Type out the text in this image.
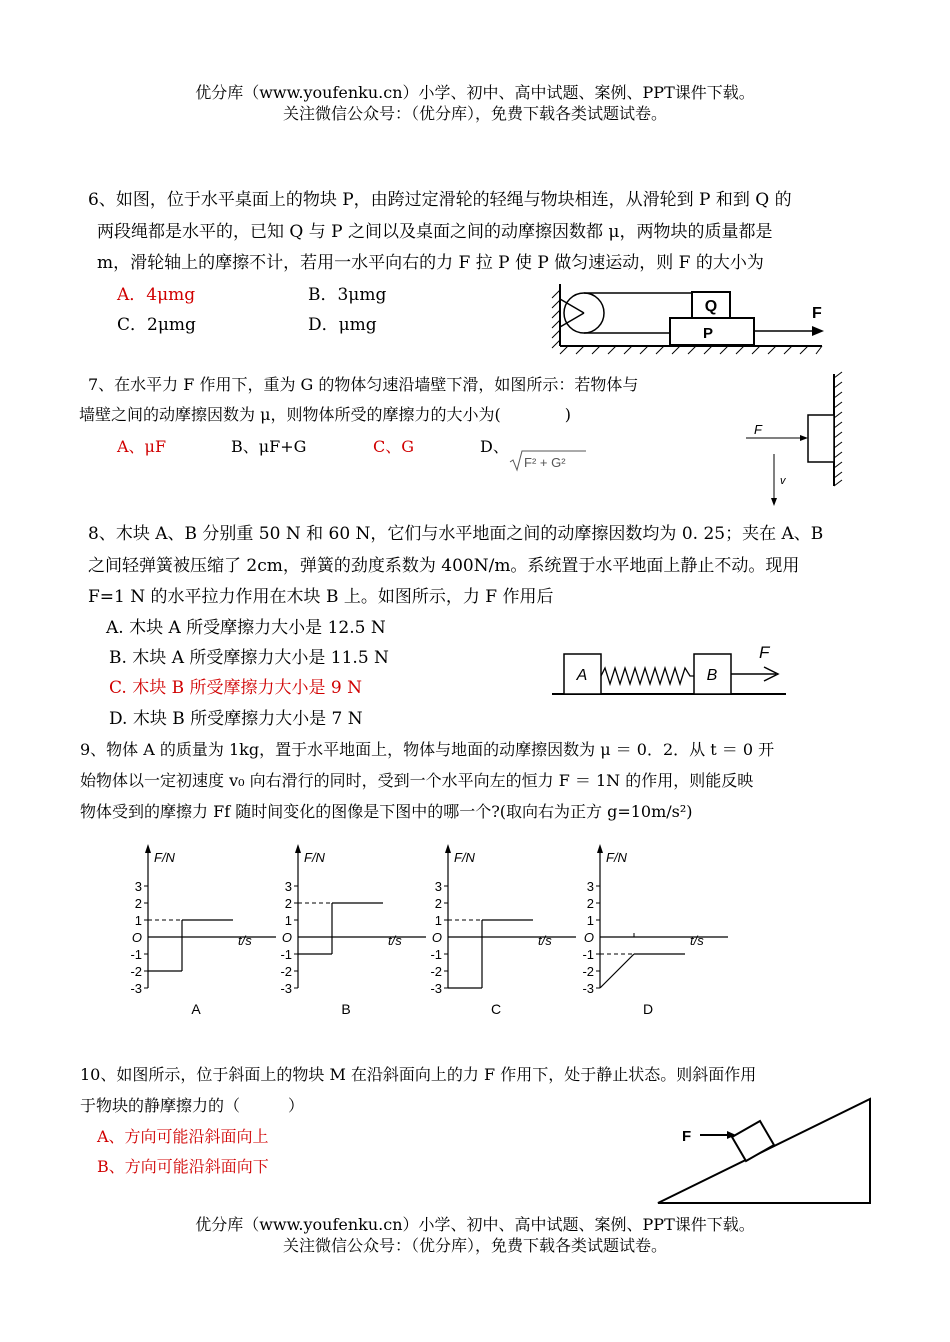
优分库（www.youfenku.cn）小学、初中、高中试题、案例、PPT课件下载。
关注微信公众号：（优分库），免费下载各类试题试卷。
6、如图，位于水平桌面上的物块 P，由跨过定滑轮的轻绳与物块相连，从滑轮到 P 和到 Q 的
两段绳都是水平的，已知 Q 与 P 之间以及桌面之间的动摩擦因数都 μ，两物块的质量都是
m，滑轮轴上的摩擦不计，若用一水平向右的力 F 拉 P 使 P 做匀速运动，则 F 的大小为
A．4μmg	B．3μmg
C．2μmg	D．μmg
Q
P
F
7、在水平力 F 作用下，重为 G 的物体匀速沿墙壁下滑，如图所示：若物体与
墙壁之间的动摩擦因数为 μ，则物体所受的摩擦力的大小为(　　　　)
A、μF	B、μF+G	C、G	D、
F² + G²
F
v
8、木块 A、B 分别重 50 N 和 60 N，它们与水平地面之间的动摩擦因数均为 0. 25；夹在 A、B
之间轻弹簧被压缩了 2cm，弹簧的劲度系数为 400N/m。系统置于水平地面上静止不动。现用
F=1 N 的水平拉力作用在木块 B 上。如图所示，力 F 作用后
A. 木块 A 所受摩擦力大小是 12.5 N
B. 木块 A 所受摩擦力大小是 11.5 N
C. 木块 B 所受摩擦力大小是 9 N
D. 木块 B 所受摩擦力大小是 7 N
A	B
F
9、物体 A 的质量为 1kg，置于水平地面上，物体与地面的动摩擦因数为 μ ＝ 0．2．从 t ＝ 0 开
始物体以一定初速度 v₀ 向右滑行的同时，受到一个水平向左的恒力 F ＝ 1N 的作用，则能反映
物体受到的摩擦力 Ff 随时间变化的图像是下图中的哪一个?(取向右为正方 g=10m/s²)
F/N
t/s
3
2
1
O
-1
-2
-3
A
F/N
t/s
3
2
1
O
-1
-2
-3
B
F/N
t/s
3
2
1
O
-1
-2
-3
C
F/N
t/s
3
2
1
O
-1
-2
-3
D
10、如图所示，位于斜面上的物块 M 在沿斜面向上的力 F 作用下，处于静止状态。则斜面作用
于物块的静摩擦力的（　　　）
A、方向可能沿斜面向上
B、方向可能沿斜面向下
F
优分库（www.youfenku.cn）小学、初中、高中试题、案例、PPT课件下载。
关注微信公众号：（优分库），免费下载各类试题试卷。
